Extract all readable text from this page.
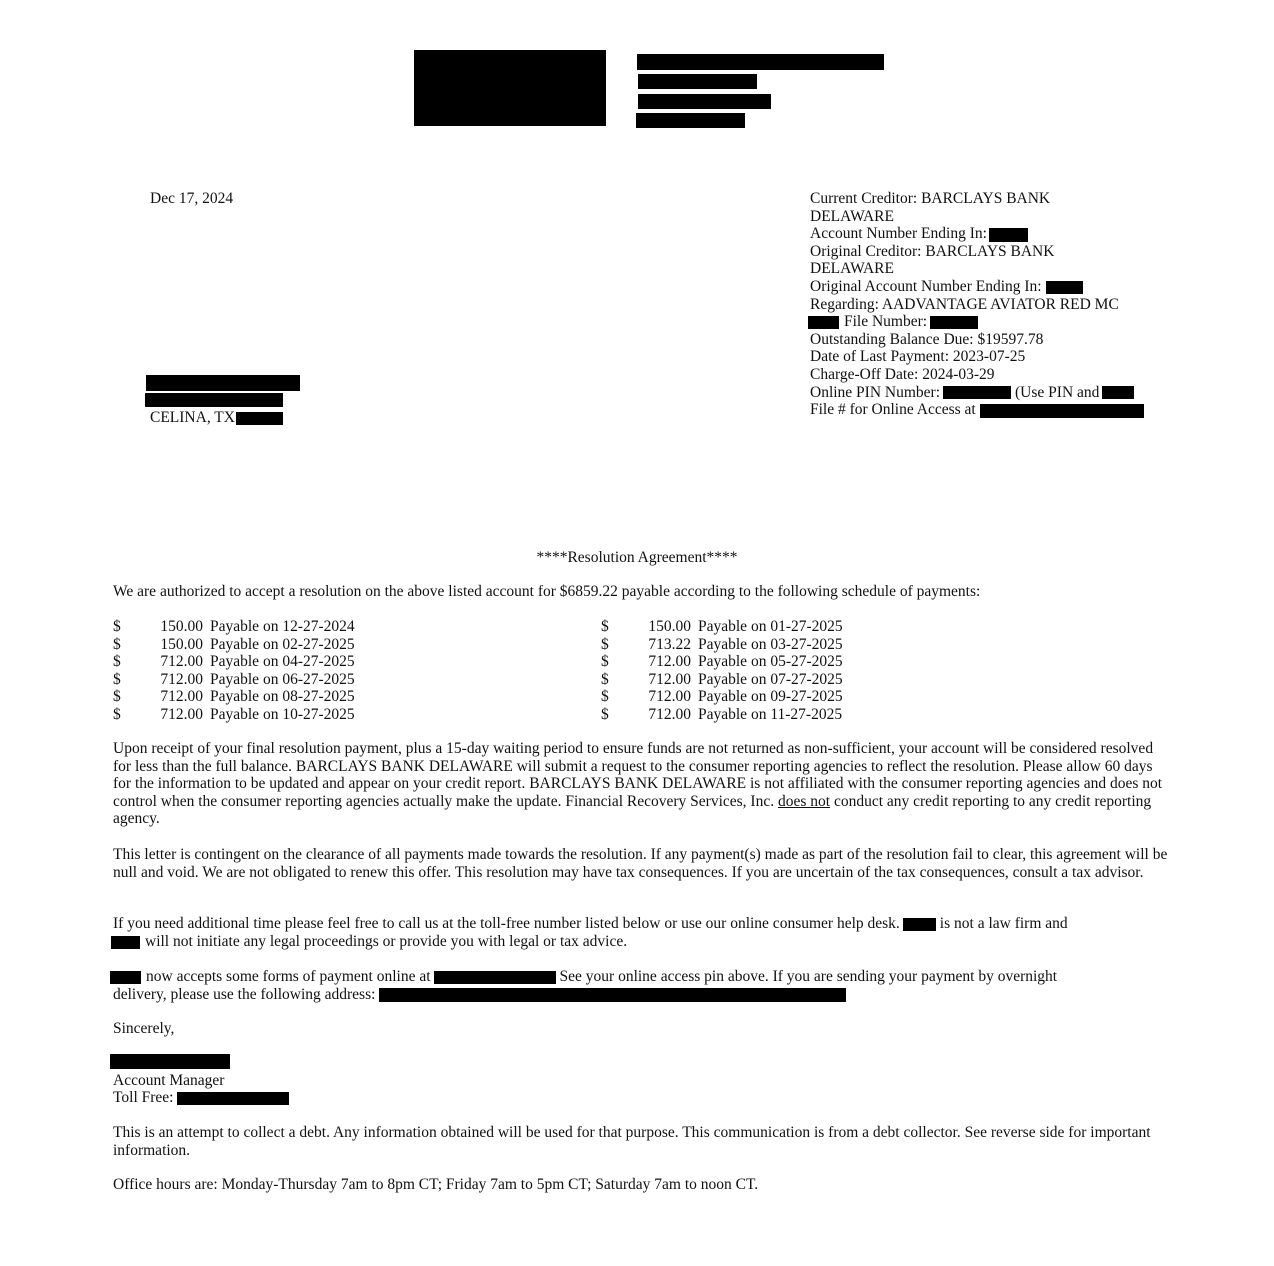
Dec 17, 2024
CELINA, TX
Current Creditor: BARCLAYS BANK
DELAWARE
Account Number Ending In:
Original Creditor: BARCLAYS BANK
DELAWARE
Original Account Number Ending In:
Regarding: AADVANTAGE AVIATOR RED MC
File Number:
Outstanding Balance Due: $19597.78
Date of Last Payment: 2023-07-25
Charge-Off Date: 2024-03-29
Online PIN Number:	(Use PIN and
File # for Online Access at
****Resolution Agreement****
We are authorized to accept a resolution on the above listed account for $6859.22 payable according to the following schedule of payments:
$	150.00 Payable on 12-27-2024	$	150.00 Payable on 01-27-2025
$	150.00 Payable on 02-27-2025	$	713.22 Payable on 03-27-2025
$	712.00 Payable on 04-27-2025	$	712.00 Payable on 05-27-2025
$	712.00 Payable on 06-27-2025	$	712.00 Payable on 07-27-2025
$	712.00 Payable on 08-27-2025	$	712.00 Payable on 09-27-2025
$	712.00 Payable on 10-27-2025	$	712.00 Payable on 11-27-2025
Upon receipt of your final resolution payment, plus a 15-day waiting period to ensure funds are not returned as non-sufficient, your account will be considered resolved for less than the full balance. BARCLAYS BANK DELAWARE will submit a request to the consumer reporting agencies to reflect the resolution. Please allow 60 days for the information to be updated and appear on your credit report. BARCLAYS BANK DELAWARE is not affiliated with the consumer reporting agencies and does not control when the consumer reporting agencies actually make the update. Financial Recovery Services, Inc. does not conduct any credit reporting to any credit reporting agency.
This letter is contingent on the clearance of all payments made towards the resolution. If any payment(s) made as part of the resolution fail to clear, this agreement will be null and void. We are not obligated to renew this offer. This resolution may have tax consequences. If you are uncertain of the tax consequences, consult a tax advisor.
If you need additional time please feel free to call us at the toll-free number listed below or use our online consumer help desk.	is not a law firm and
will not initiate any legal proceedings or provide you with legal or tax advice.
now accepts some forms of payment online at	See your online access pin above. If you are sending your payment by overnight
delivery, please use the following address:
Sincerely,
Account Manager
Toll Free:
This is an attempt to collect a debt. Any information obtained will be used for that purpose. This communication is from a debt collector. See reverse side for important information.
Office hours are: Monday-Thursday 7am to 8pm CT; Friday 7am to 5pm CT; Saturday 7am to noon CT.
